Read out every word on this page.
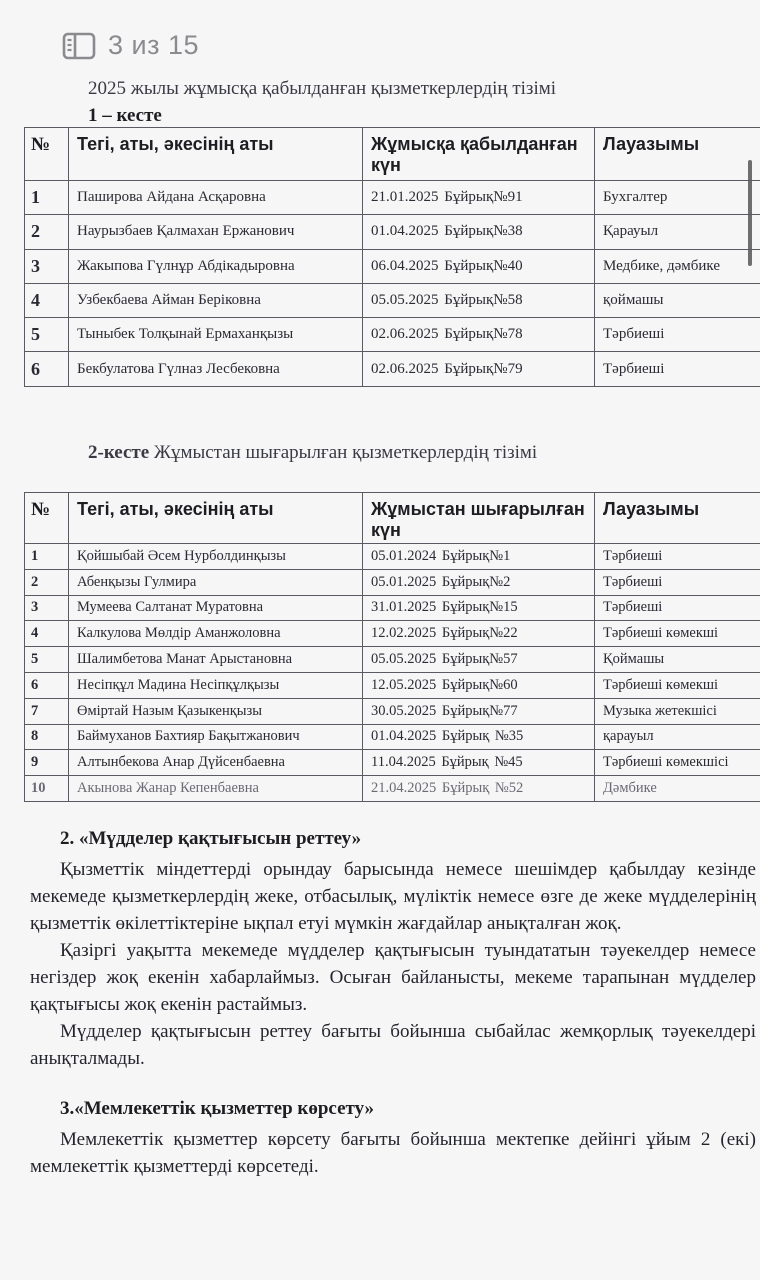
3 из 15
2025 жылы жұмысқа қабылданған қызметкерлердің тізімі
1 – кесте
№	Тегі, аты, әкесінің аты	Жұмысқа қабылданған күн	Лауазымы
1	Паширова Айдана Асқаровна	21.01.2025 Бұйрық№91	Бухгалтер
2	Наурызбаев Қалмахан Ержанович	01.04.2025 Бұйрық№38	Қарауыл
3	Жакыпова Гүлнұр Абдікадыровна	06.04.2025 Бұйрық№40	Медбике, дәмбике
4	Узбекбаева Айман Беріковна	05.05.2025 Бұйрық№58	қоймашы
5	Тыныбек Толқынай Ермаханқызы	02.06.2025 Бұйрық№78	Тәрбиеші
6	Бекбулатова Гүлназ Лесбековна	02.06.2025 Бұйрық№79	Тәрбиеші
2-кесте Жұмыстан шығарылған қызметкерлердің тізімі
№	Тегі, аты, әкесінің аты	Жұмыстан шығарылған күн	Лауазымы
1	Қойшыбай Әсем Нурболдинқызы	05.01.2024 Бұйрық№1	Тәрбиеші
2	Абенқызы Гулмира	05.01.2025 Бұйрық№2	Тәрбиеші
3	Мумеева Салтанат Муратовна	31.01.2025 Бұйрық№15	Тәрбиеші
4	Калкулова Мөлдір Аманжоловна	12.02.2025 Бұйрық№22	Тәрбиеші көмекші
5	Шалимбетова Манат Арыстановна	05.05.2025 Бұйрық№57	Қоймашы
6	Несіпқұл Мадина Несіпқұлқызы	12.05.2025 Бұйрық№60	Тәрбиеші көмекші
7	Өміртай Назым Қазыкенқызы	30.05.2025 Бұйрық№77	Музыка жетекшісі
8	Баймуханов Бахтияр Бақытжанович	01.04.2025 Бұйрық №35	қарауыл
9	Алтынбекова Анар Дүйсенбаевна	11.04.2025 Бұйрық №45	Тәрбиеші көмекшісі
10	Акынова Жанар Кепенбаевна	21.04.2025 Бұйрық №52	Дәмбике
2. «Мүдделер қақтығысын реттеу»

Қызметтік міндеттерді орындау барысында немесе шешімдер қабылдау кезінде мекемеде қызметкерлердің жеке, отбасылық, мүліктік немесе өзге де жеке мүдделерінің қызметтік өкілеттіктеріне ықпал етуі мүмкін жағдайлар анықталған жоқ.

Қазіргі уақытта мекемеде мүдделер қақтығысын туындататын тәуекелдер немесе негіздер жоқ екенін хабарлаймыз. Осыған байланысты, мекеме тарапынан мүдделер қақтығысы жоқ екенін растаймыз.

Мүдделер қақтығысын реттеу бағыты бойынша сыбайлас жемқорлық тәуекелдері анықталмады.

3.«Мемлекеттік қызметтер көрсету»

Мемлекеттік қызметтер көрсету бағыты бойынша мектепке дейінгі ұйым 2 (екі) мемлекеттік қызметтерді көрсетеді.
